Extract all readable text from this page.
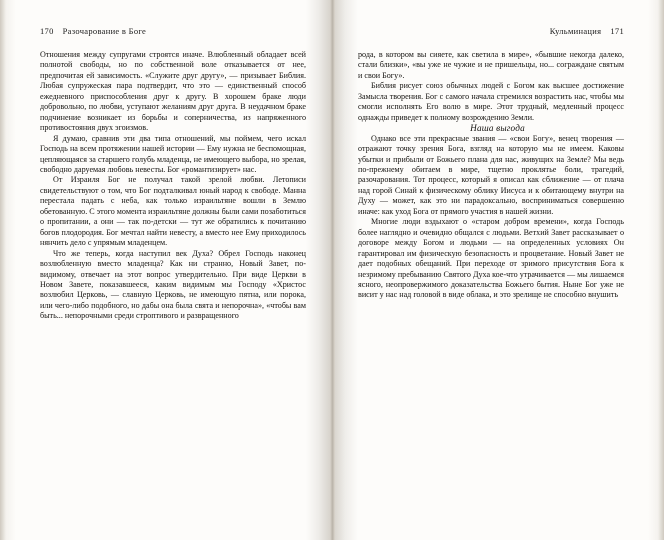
170 Разочарование в Боге

Отношения между супругами строятся иначе. Влюбленный обладает всей полнотой свободы, но по собственной воле отказывается от нее, предпочитая ей зависимость. «Служите друг другу», — призывает Библия. Любая супружеская пара подтвердит, что это — единственный способ ежедневного приспособления друг к другу. В хорошем браке люди добровольно, по любви, уступают желаниям друг друга. В неудачном браке подчинение возникает из борьбы и соперничества, из напряженного противостояния двух эгоизмов.

Я думаю, сравнив эти два типа отношений, мы поймем, чего искал Господь на всем протяжении нашей истории — Ему нужна не беспомощная, цепляющаяся за старшего голубь младенца, не имеющего выбора, но зрелая, свободно даруемая любовь невесты. Бог «романтизирует» нас.

От Израиля Бог не получал такой зрелой любви. Летописи свидетельствуют о том, что Бог подталкивал юный народ к свободе. Манна перестала падать с неба, как только израильтяне вошли в Землю обетованную. С этого момента израильтяне должны были сами позаботиться о пропитании, а они — так по-детски — тут же обратились к почитанию богов плодородия. Бог мечтал найти невесту, а вместо нее Ему приходилось нянчить дело с упрямым младенцем.

Что же теперь, когда наступил век Духа? Обрел Господь наконец возлюбленную вместо младенца? Как ни странно, Новый Завет, по-видимому, отвечает на этот вопрос утвердительно. При виде Церкви в Новом Завете, показавшееся, каким видимым мы Господу «Христос возлюбил Церковь, — славную Церковь, не имеющую пятна, или порока, или чего-либо подобного, но дабы она была свята и непорочна», «чтобы вам быть... непорочными среди строптивого и развращенного

Кульминация 171

рода, в котором вы сияете, как светила в мире», «бывшие некогда далеко, стали близки», «вы уже не чужие и не пришельцы, но... сограждане святым и свои Богу».

Библия рисует союз обычных людей с Богом как высшее достижение Замысла творения. Бог с самого начала стремился возрастить нас, чтобы мы смогли исполнять Его волю в мире. Этот трудный, медленный процесс однажды приведет к полному возрождению Земли.

Наша выгода

Однако все эти прекрасные звания — «свои Богу», венец творения — отражают точку зрения Бога, взгляд на которую мы не имеем. Каковы убытки и прибыли от Божьего плана для нас, живущих на Земле? Мы ведь по-прежнему обитаем в мире, тщетно проклятье боли, трагедий, разочарования. Тот процесс, который я описал как сближение — от плача над горой Синай к физическому облику Иисуса и к обитающему внутри на Духу — может, как это ни парадоксально, восприниматься совершенно иначе: как уход Бога от прямого участия в нашей жизни.

Многие люди вздыхают о «старом добром времени», когда Господь более наглядно и очевидно общался с людьми. Ветхий Завет рассказывает о договоре между Богом и людьми — на определенных условиях Он гарантировал им физическую безопасность и процветание. Новый Завет не дает подобных обещаний. При переходе от зримого присутствия Бога к незримому пребыванию Святого Духа кое-что утрачивается — мы лишаемся ясного, неопровержимого доказательства Божьего бытия. Ныне Бог уже не висит у нас над головой в виде облака, и это зрелище не способно внушить
